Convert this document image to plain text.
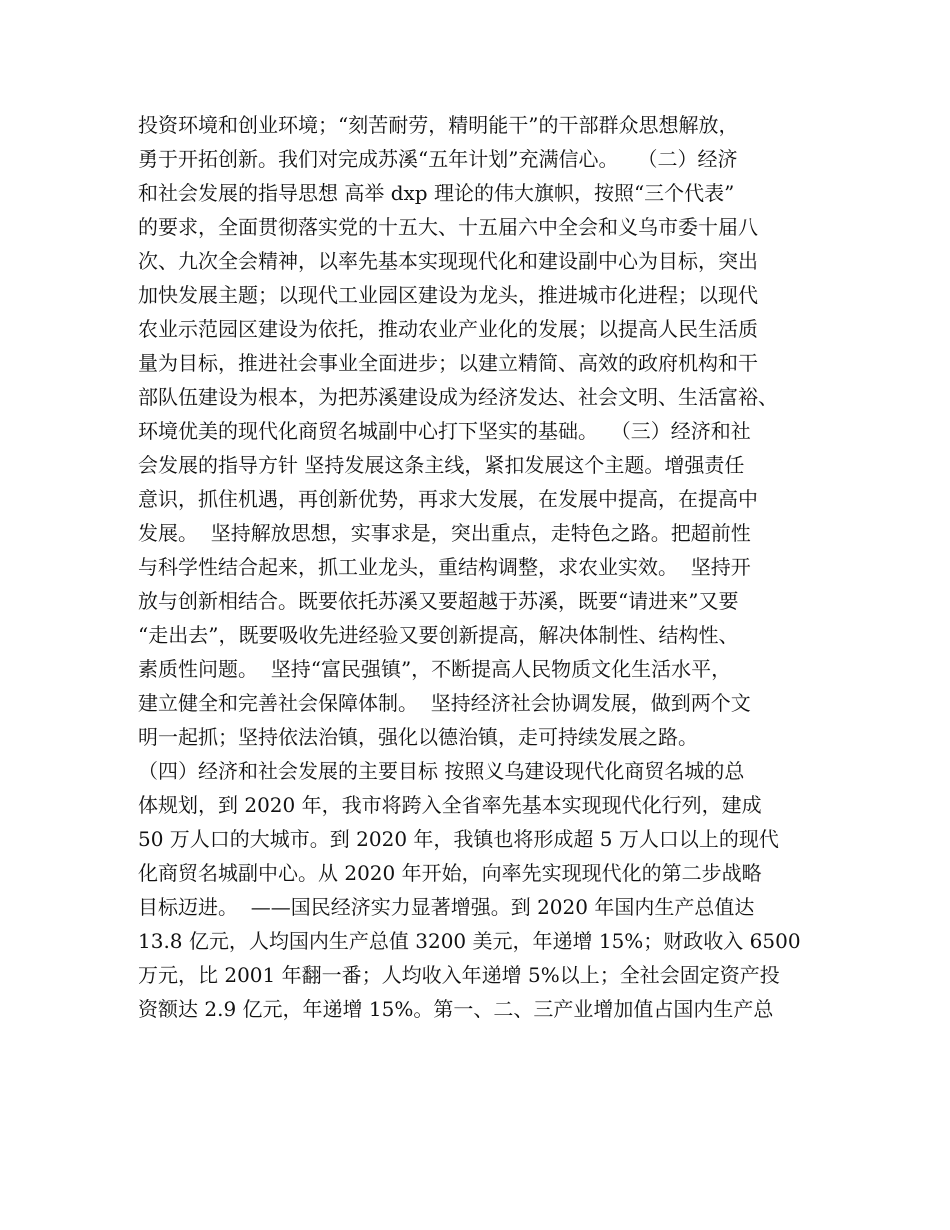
投资环境和创业环境；“刻苦耐劳，精明能干”的干部群众思想解放，
勇于开拓创新。我们对完成苏溪“五年计划”充满信心。   （二）经济
和社会发展的指导思想 高举 dxp 理论的伟大旗帜，按照“三个代表”
的要求，全面贯彻落实党的十五大、十五届六中全会和义乌市委十届八
次、九次全会精神，以率先基本实现现代化和建设副中心为目标，突出
加快发展主题；以现代工业园区建设为龙头，推进城市化进程；以现代
农业示范园区建设为依托，推动农业产业化的发展；以提高人民生活质
量为目标，推进社会事业全面进步；以建立精简、高效的政府机构和干
部队伍建设为根本，为把苏溪建设成为经济发达、社会文明、生活富裕、
环境优美的现代化商贸名城副中心打下坚实的基础。  （三）经济和社
会发展的指导方针 坚持发展这条主线，紧扣发展这个主题。增强责任
意识，抓住机遇，再创新优势，再求大发展，在发展中提高，在提高中
发展。  坚持解放思想，实事求是，突出重点，走特色之路。把超前性
与科学性结合起来，抓工业龙头，重结构调整，求农业实效。  坚持开
放与创新相结合。既要依托苏溪又要超越于苏溪，既要“请进来”又要
“走出去”，既要吸收先进经验又要创新提高，解决体制性、结构性、
素质性问题。  坚持“富民强镇”，不断提高人民物质文化生活水平，
建立健全和完善社会保障体制。  坚持经济社会协调发展，做到两个文
明一起抓；坚持依法治镇，强化以德治镇，走可持续发展之路。
（四）经济和社会发展的主要目标 按照义乌建设现代化商贸名城的总
体规划，到 2020 年，我市将跨入全省率先基本实现现代化行列，建成
50 万人口的大城市。到 2020 年，我镇也将形成超 5 万人口以上的现代
化商贸名城副中心。从 2020 年开始，向率先实现现代化的第二步战略
目标迈进。  ——国民经济实力显著增强。到 2020 年国内生产总值达
13.8 亿元，人均国内生产总值 3200 美元，年递增 15%；财政收入 6500
万元，比 2001 年翻一番；人均收入年递增 5%以上；全社会固定资产投
资额达 2.9 亿元，年递增 15%。第一、二、三产业增加值占国内生产总
